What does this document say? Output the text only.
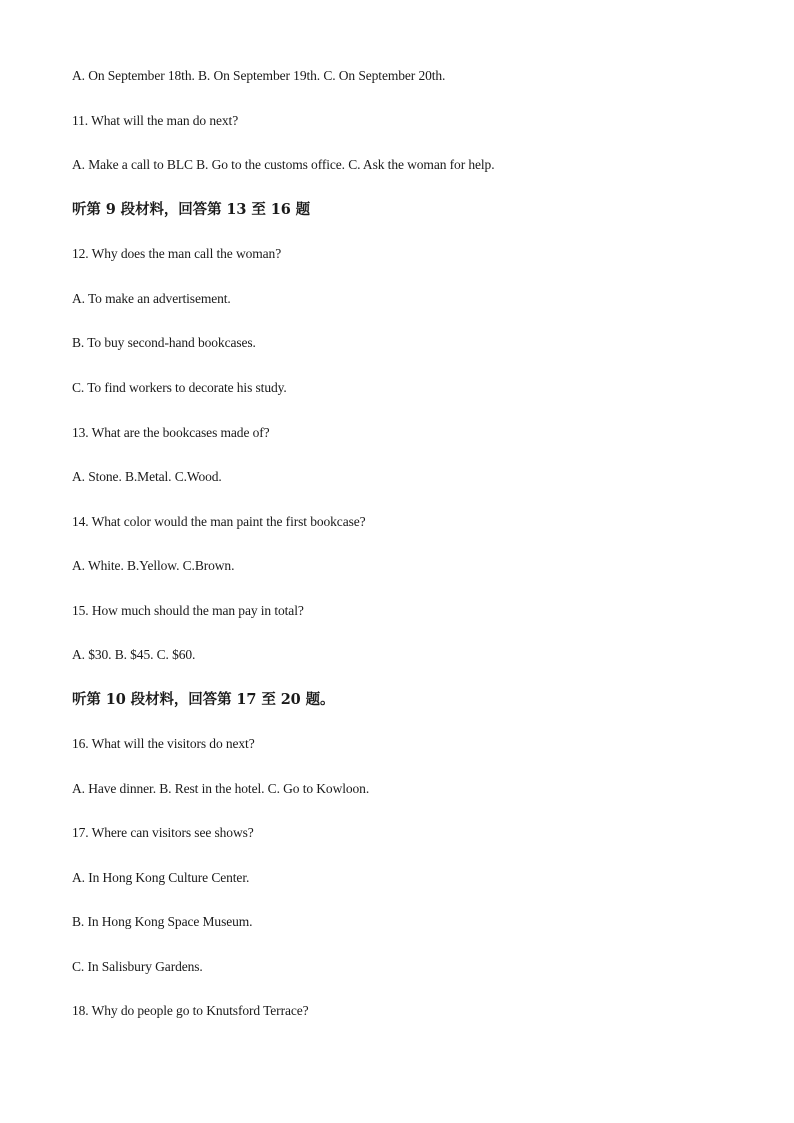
A. On September 18th. B. On September 19th. C. On September 20th.
11. What will the man do next?
A. Make a call to BLC B. Go to the customs office. C. Ask the woman for help.
听第 9 段材料，回答第 13 至 16 题
12. Why does the man call the woman?
A. To make an advertisement.
B. To buy second-hand bookcases.
C. To find workers to decorate his study.
13. What are the bookcases made of?
A. Stone. B.Metal. C.Wood.
14. What color would the man paint the first bookcase?
A. White. B.Yellow. C.Brown.
15. How much should the man pay in total?
A. $30. B. $45. C. $60.
听第 10 段材料，回答第 17 至 20 题。
16. What will the visitors do next?
A. Have dinner. B. Rest in the hotel. C. Go to Kowloon.
17. Where can visitors see shows?
A. In Hong Kong Culture Center.
B. In Hong Kong Space Museum.
C. In Salisbury Gardens.
18. Why do people go to Knutsford Terrace?
